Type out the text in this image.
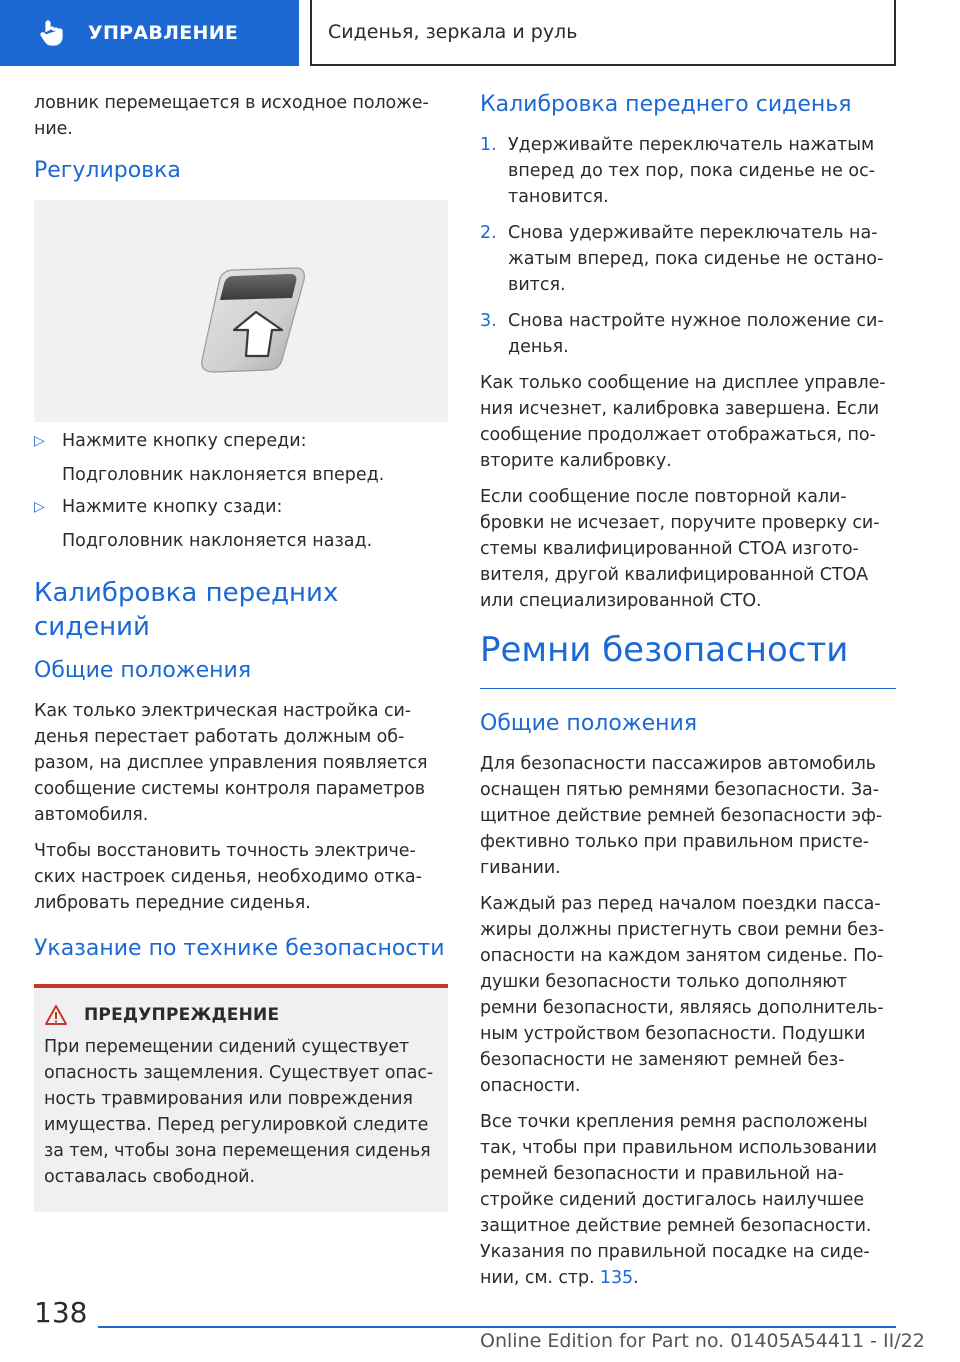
УПРАВЛЕНИЕ	Сиденья, зеркала и руль

ловник перемещается в исходное положение.

Регулировка
▷ Нажмите кнопку спереди:
Подголовник наклоняется вперед.
▷ Нажмите кнопку сзади:
Подголовник наклоняется назад.
Калибровка передних сидений
Общие положения

Как только электрическая настройка сиденья перестает работать должным образом, на дисплее управления появляется сообщение системы контроля параметров автомобиля.

Чтобы восстановить точность электрических настроек сиденья, необходимо откалибровать передние сиденья.

Указание по технике безопасности
ПРЕДУПРЕЖДЕНИЕ

При перемещении сидений существует опасность защемления. Существует опасность травмирования или повреждения имущества. Перед регулировкой следите за тем, чтобы зона перемещения сиденья оставалась свободной.

Калибровка переднего сиденья
1. Удерживайте переключатель нажатым вперед до тех пор, пока сиденье не остановится.
2. Снова удерживайте переключатель нажатым вперед, пока сиденье не остановится.
3. Снова настройте нужное положение сиденья.

Как только сообщение на дисплее управления исчезнет, калибровка завершена. Если сообщение продолжает отображаться, повторите калибровку.

Если сообщение после повторной калибровки не исчезает, поручите проверку системы квалифицированной СТОА изготовителя, другой квалифицированной СТОА или специализированной СТО.

Ремни безопасности
Общие положения

Для безопасности пассажиров автомобиль оснащен пятью ремнями безопасности. Защитное действие ремней безопасности эффективно только при правильном пристегивании.

Каждый раз перед началом поездки пассажиры должны пристегнуть свои ремни безопасности на каждом занятом сиденье. Подушки безопасности только дополняют ремни безопасности, являясь дополнительным устройством безопасности. Подушки безопасности не заменяют ремней безопасности.

Все точки крепления ремня расположены так, чтобы при правильном использовании ремней безопасности и правильной настройке сидений достигалось наилучшее защитное действие ремней безопасности. Указания по правильной посадке на сидении, см. стр. 135.

138
Online Edition for Part no. 01405A54411 - II/22
